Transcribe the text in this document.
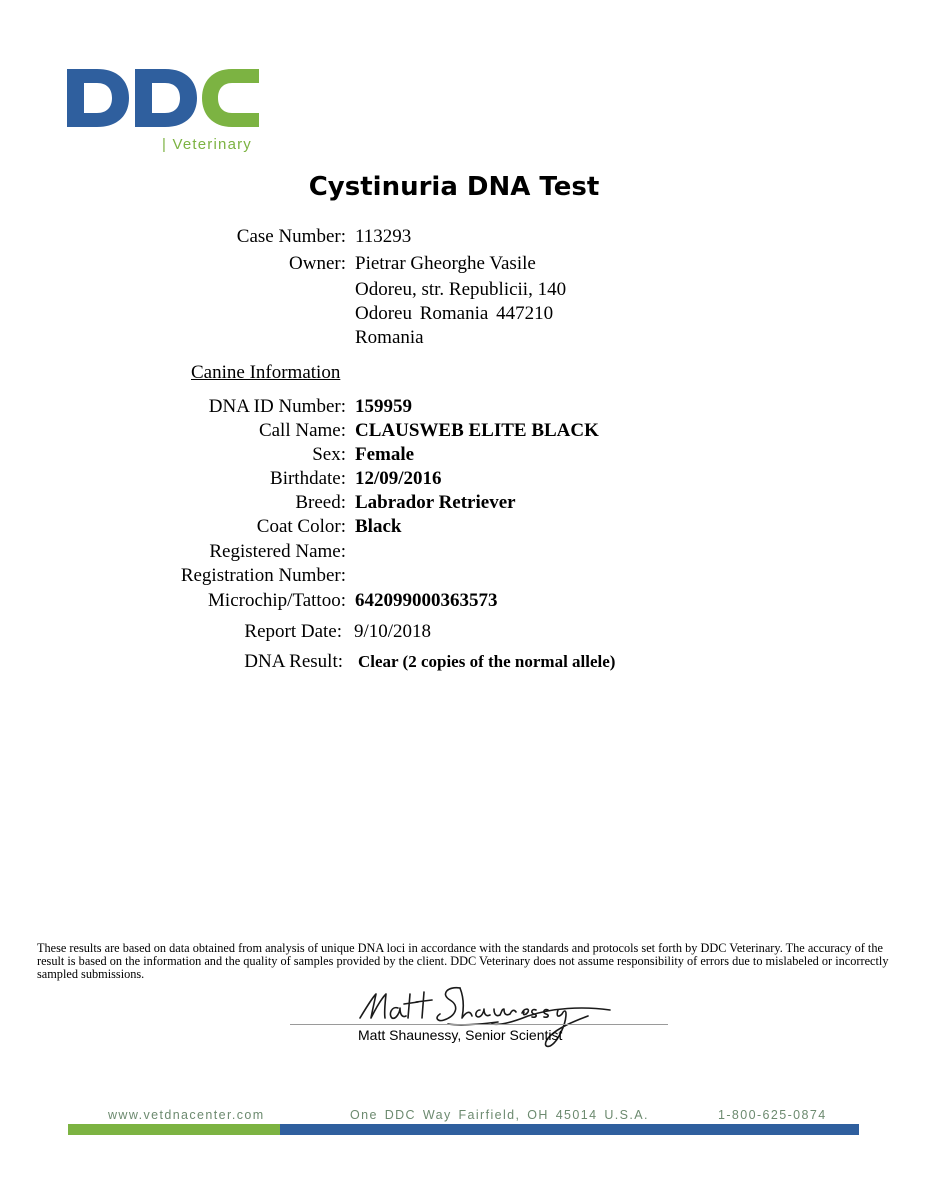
| Veterinary
Cystinuria DNA Test
Case Number: 113293
Owner: Pietrar Gheorghe Vasile
Odoreu, str. Republicii, 140
Odoreu Romania 447210
Romania
Canine Information
DNA ID Number: 159959
Call Name: CLAUSWEB ELITE BLACK
Sex: Female
Birthdate: 12/09/2016
Breed: Labrador Retriever
Coat Color: Black
Registered Name:
Registration Number:
Microchip/Tattoo: 642099000363573
Report Date: 9/10/2018
DNA Result: Clear (2 copies of the normal allele)
These results are based on data obtained from analysis of unique DNA loci in accordance with the standards and protocols set forth by DDC Veterinary. The accuracy of the result is based on the information and the quality of samples provided by the client. DDC Veterinary does not assume responsibility of errors due to mislabeled or incorrectly sampled submissions.
Matt Shaunessy, Senior Scientist
www.vetdnacenter.com	One DDC Way Fairfield, OH 45014 U.S.A.	1-800-625-0874
